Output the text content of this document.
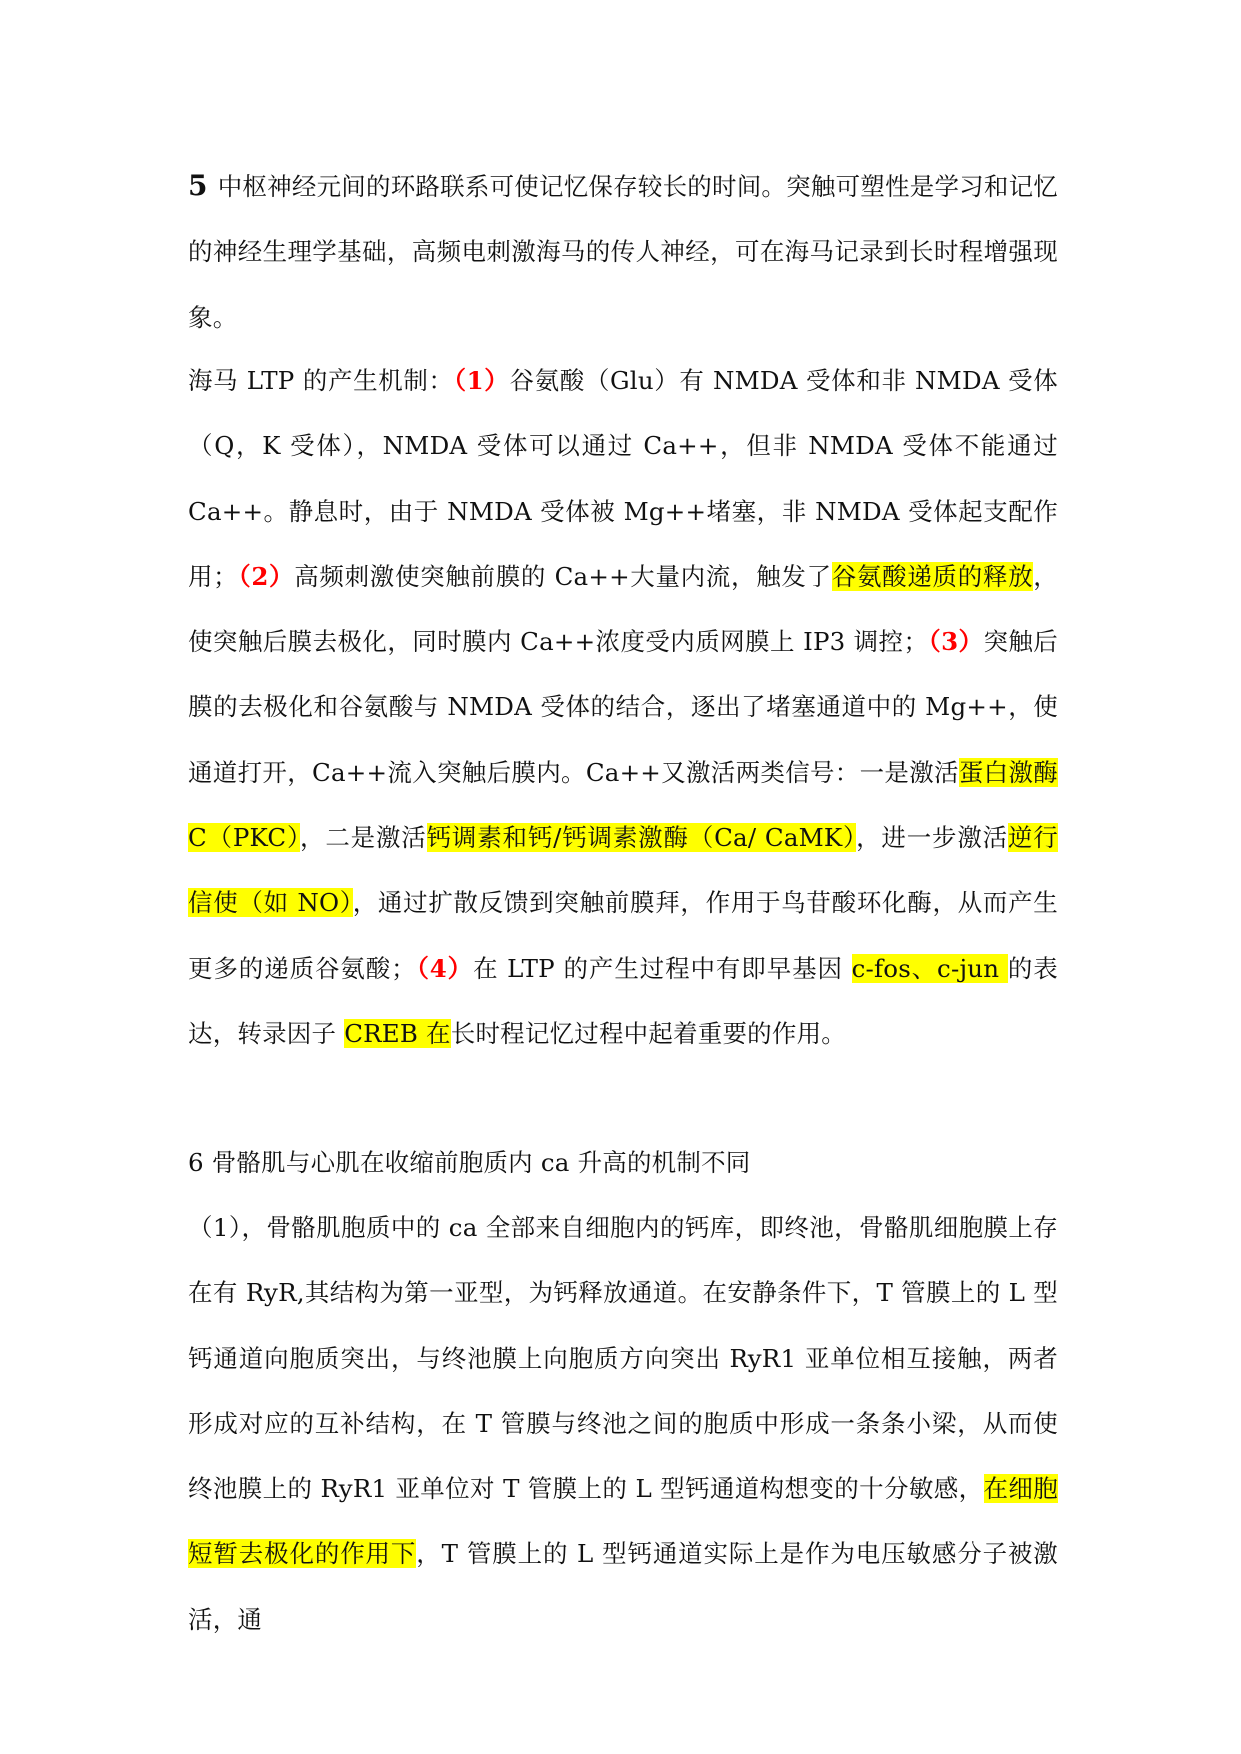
5 中枢神经元间的环路联系可使记忆保存较长的时间。突触可塑性是学习和记忆的神经生理学基础，高频电刺激海马的传人神经，可在海马记录到长时程增强现象。

海马 LTP 的产生机制：（1）谷氨酸（Glu）有 NMDA 受体和非 NMDA 受体（Q，K 受体），NMDA 受体可以通过 Ca++，但非 NMDA 受体不能通过 Ca++。静息时，由于 NMDA 受体被 Mg++堵塞，非 NMDA 受体起支配作用；（2）高频刺激使突触前膜的 Ca++大量内流，触发了谷氨酸递质的释放，使突触后膜去极化，同时膜内 Ca++浓度受内质网膜上 IP3 调控；（3）突触后膜的去极化和谷氨酸与 NMDA 受体的结合，逐出了堵塞通道中的 Mg++，使通道打开，Ca++流入突触后膜内。Ca++又激活两类信号：一是激活蛋白激酶 C（PKC），二是激活钙调素和钙/钙调素激酶（Ca/ CaMK），进一步激活逆行信使（如 NO），通过扩散反馈到突触前膜拜，作用于鸟苷酸环化酶，从而产生更多的递质谷氨酸；（4）在 LTP 的产生过程中有即早基因 c-fos、c-jun 的表达，转录因子 CREB 在长时程记忆过程中起着重要的作用。

6 骨骼肌与心肌在收缩前胞质内 ca 升高的机制不同

（1），骨骼肌胞质中的 ca 全部来自细胞内的钙库，即终池，骨骼肌细胞膜上存在有 RyR,其结构为第一亚型，为钙释放通道。在安静条件下，T 管膜上的 L 型钙通道向胞质突出，与终池膜上向胞质方向突出 RyR1 亚单位相互接触，两者形成对应的互补结构，在 T 管膜与终池之间的胞质中形成一条条小梁，从而使终池膜上的 RyR1 亚单位对 T 管膜上的 L 型钙通道构想变的十分敏感，在细胞短暂去极化的作用下，T 管膜上的 L 型钙通道实际上是作为电压敏感分子被激活，通
